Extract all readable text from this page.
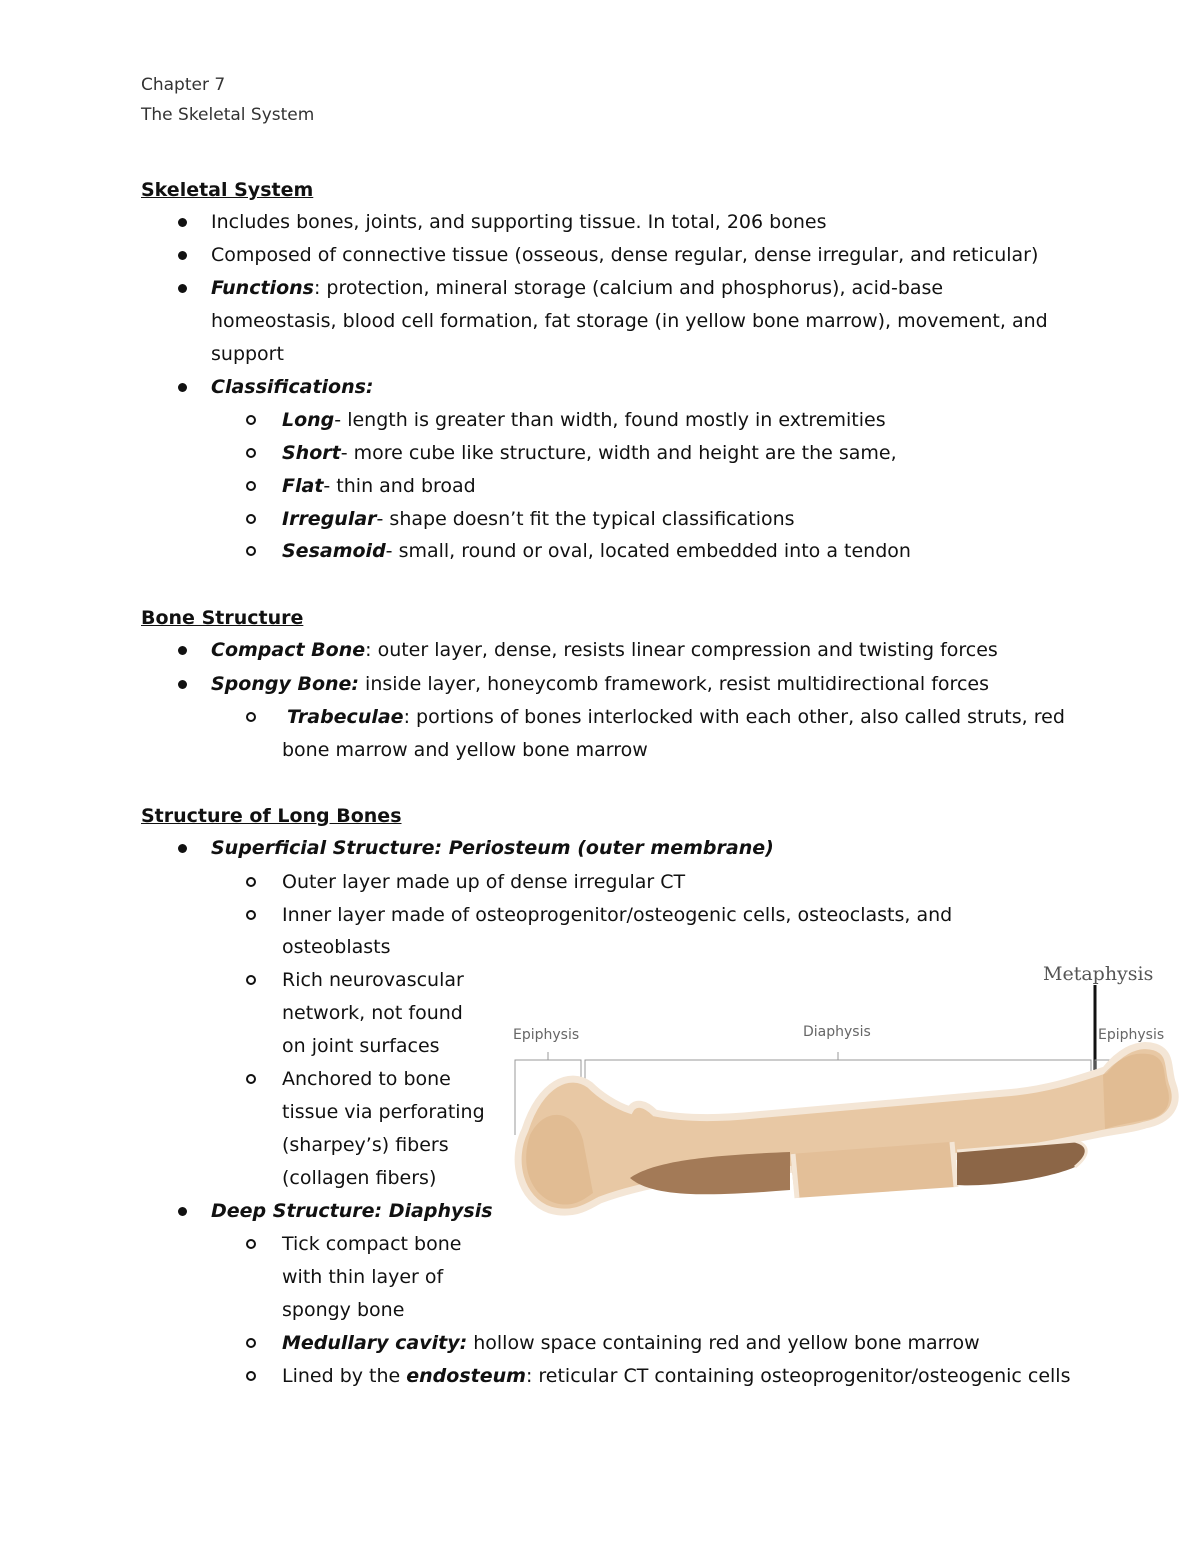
Chapter 7
The Skeletal System
Skeletal System
Includes bones, joints, and supporting tissue. In total, 206 bones
Composed of connective tissue (osseous, dense regular, dense irregular, and reticular)
Functions: protection, mineral storage (calcium and phosphorus), acid-base
homeostasis, blood cell formation, fat storage (in yellow bone marrow), movement, and
support
Classifications:
Long- length is greater than width, found mostly in extremities
Short- more cube like structure, width and height are the same,
Flat- thin and broad
Irregular- shape doesn’t fit the typical classifications
Sesamoid- small, round or oval, located embedded into a tendon
Bone Structure
Compact Bone: outer layer, dense, resists linear compression and twisting forces
Spongy Bone: inside layer, honeycomb framework, resist multidirectional forces
Trabeculae: portions of bones interlocked with each other, also called struts, red
bone marrow and yellow bone marrow
Structure of Long Bones
Superficial Structure: Periosteum (outer membrane)
Outer layer made up of dense irregular CT
Inner layer made of osteoprogenitor/osteogenic cells, osteoclasts, and
osteoblasts
Rich neurovascular
network, not found
on joint surfaces
Anchored to bone
tissue via perforating
(sharpey’s) fibers
(collagen fibers)
Deep Structure: Diaphysis
Tick compact bone
with thin layer of
spongy bone
Medullary cavity: hollow space containing red and yellow bone marrow
Lined by the endosteum: reticular CT containing osteoprogenitor/osteogenic cells
Metaphysis
Epiphysis	Diaphysis	Epiphysis
